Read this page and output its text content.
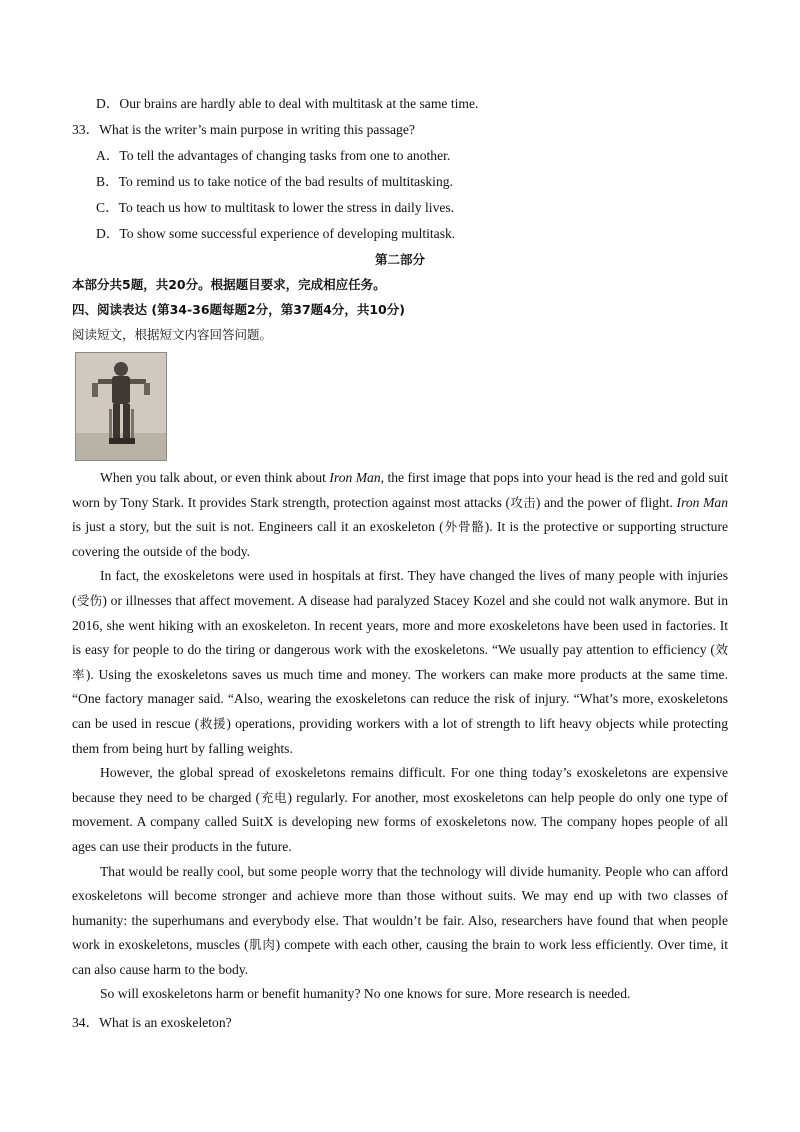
D．Our brains are hardly able to deal with multitask at the same time.
33．What is the writer’s main purpose in writing this passage?
A．To tell the advantages of changing tasks from one to another.
B．To remind us to take notice of the bad results of multitasking.
C．To teach us how to multitask to lower the stress in daily lives.
D．To show some successful experience of developing multitask.
第二部分
本部分共5题，共20分。根据题目要求，完成相应任务。
四、阅读表达 (第34-36题每题2分，第37题4分，共10分)
阅读短文，根据短文内容回答问题。

When you talk about, or even think about Iron Man, the first image that pops into your head is the red and gold suit worn by Tony Stark. It provides Stark strength, protection against most attacks (攻击) and the power of flight. Iron Man is just a story, but the suit is not. Engineers call it an exoskeleton (外骨骼). It is the protective or supporting structure covering the outside of the body.

In fact, the exoskeletons were used in hospitals at first. They have changed the lives of many people with injuries (受伤) or illnesses that affect movement. A disease had paralyzed Stacey Kozel and she could not walk anymore. But in 2016, she went hiking with an exoskeleton. In recent years, more and more exoskeletons have been used in factories. It is easy for people to do the tiring or dangerous work with the exoskeletons. “We usually pay attention to efficiency (效率). Using the exoskeletons saves us much time and money. The workers can make more products at the same time. “One factory manager said. “Also, wearing the exoskeletons can reduce the risk of injury. “What’s more, exoskeletons can be used in rescue (救援) operations, providing workers with a lot of strength to lift heavy objects while protecting them from being hurt by falling weights.

However, the global spread of exoskeletons remains difficult. For one thing today’s exoskeletons are expensive because they need to be charged (充电) regularly. For another, most exoskeletons can help people do only one type of movement. A company called SuitX is developing new forms of exoskeletons now. The company hopes people of all ages can use their products in the future.

That would be really cool, but some people worry that the technology will divide humanity. People who can afford exoskeletons will become stronger and achieve more than those without suits. We may end up with two classes of humanity: the superhumans and everybody else. That wouldn’t be fair. Also, researchers have found that when people work in exoskeletons, muscles (肌肉) compete with each other, causing the brain to work less efficiently. Over time, it can also cause harm to the body.

So will exoskeletons harm or benefit humanity? No one knows for sure. More research is needed.

34．What is an exoskeleton?
